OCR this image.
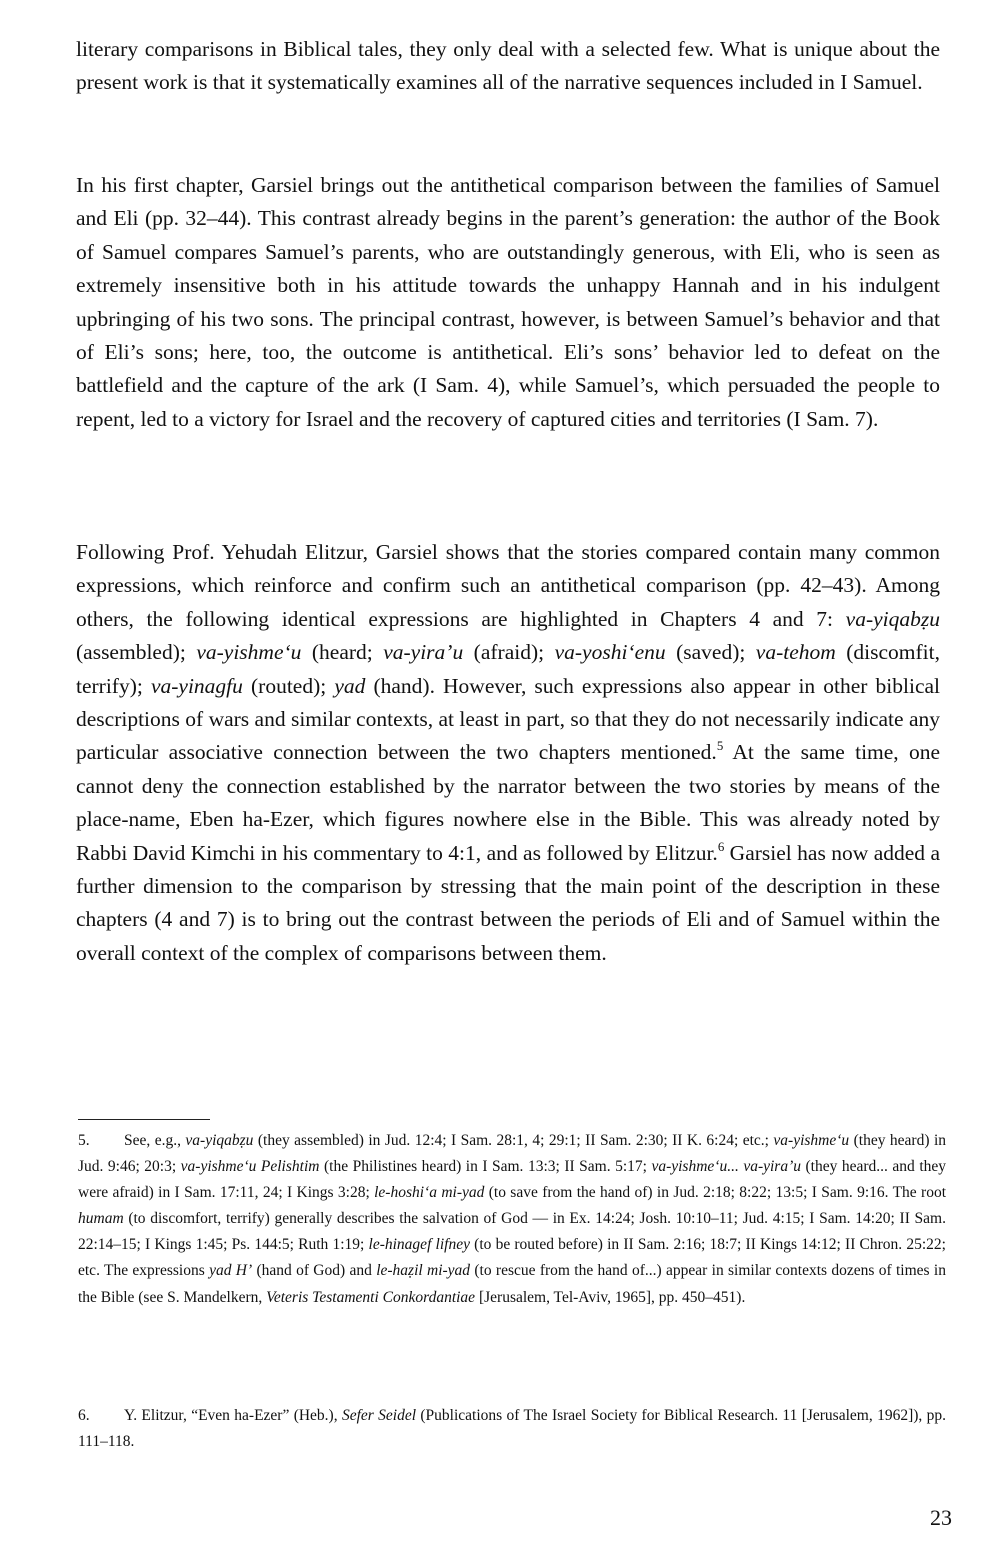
literary comparisons in Biblical tales, they only deal with a selected few. What is unique about the present work is that it systematically examines all of the narrative sequences included in I Samuel.

In his first chapter, Garsiel brings out the antithetical comparison between the families of Samuel and Eli (pp. 32–44). This contrast already begins in the parent’s generation: the author of the Book of Samuel compares Samuel’s parents, who are outstandingly generous, with Eli, who is seen as extremely insensitive both in his attitude towards the unhappy Hannah and in his indulgent upbringing of his two sons. The principal contrast, however, is between Samuel’s behavior and that of Eli’s sons; here, too, the outcome is antithetical. Eli’s sons’ behavior led to defeat on the battlefield and the capture of the ark (I Sam. 4), while Samuel’s, which persuaded the people to repent, led to a victory for Israel and the recovery of captured cities and territories (I Sam. 7).

Following Prof. Yehudah Elitzur, Garsiel shows that the stories compared contain many common expressions, which reinforce and confirm such an antithetical comparison (pp. 42–43). Among others, the following identical expressions are highlighted in Chapters 4 and 7: va-yiqabẓu (assembled); va-yishme‘u (heard; va-yira’u (afraid); va-yoshi‘enu (saved); va-tehom (discomfit, terrify); va-yinagfu (routed); yad (hand). However, such expressions also appear in other biblical descriptions of wars and similar contexts, at least in part, so that they do not necessarily indicate any particular associative connection between the two chapters mentioned.$^5$ At the same time, one cannot deny the connection established by the narrator between the two stories by means of the place-name, Eben ha-Ezer, which figures nowhere else in the Bible. This was already noted by Rabbi David Kimchi in his commentary to 4:1, and as followed by Elitzur.$^6$ Garsiel has now added a further dimension to the comparison by stressing that the main point of the description in these chapters (4 and 7) is to bring out the contrast between the periods of Eli and of Samuel within the overall context of the complex of comparisons between them.

5. See, e.g., va-yiqabẓu (they assembled) in Jud. 12:4; I Sam. 28:1, 4; 29:1; II Sam. 2:30; II K. 6:24; etc.; va-yishme‘u (they heard) in Jud. 9:46; 20:3; va-yishme‘u Pelishtim (the Philistines heard) in I Sam. 13:3; II Sam. 5:17; va-yishme‘u... va-yira’u (they heard... and they were afraid) in I Sam. 17:11, 24; I Kings 3:28; le-hoshi‘a mi-yad (to save from the hand of) in Jud. 2:18; 8:22; 13:5; I Sam. 9:16. The root humam (to discomfort, terrify) generally describes the salvation of God — in Ex. 14:24; Josh. 10:10–11; Jud. 4:15; I Sam. 14:20; II Sam. 22:14–15; I Kings 1:45; Ps. 144:5; Ruth 1:19; le-hinagef lifney (to be routed before) in II Sam. 2:16; 18:7; II Kings 14:12; II Chron. 25:22; etc. The expressions yad H’ (hand of God) and le-haẓil mi-yad (to rescue from the hand of...) appear in similar contexts dozens of times in the Bible (see S. Mandelkern, Veteris Testamenti Conkordantiae [Jerusalem, Tel-Aviv, 1965], pp. 450–451).

6. Y. Elitzur, “Even ha-Ezer” (Heb.), Sefer Seidel (Publications of The Israel Society for Biblical Research. 11 [Jerusalem, 1962]), pp. 111–118.

23
